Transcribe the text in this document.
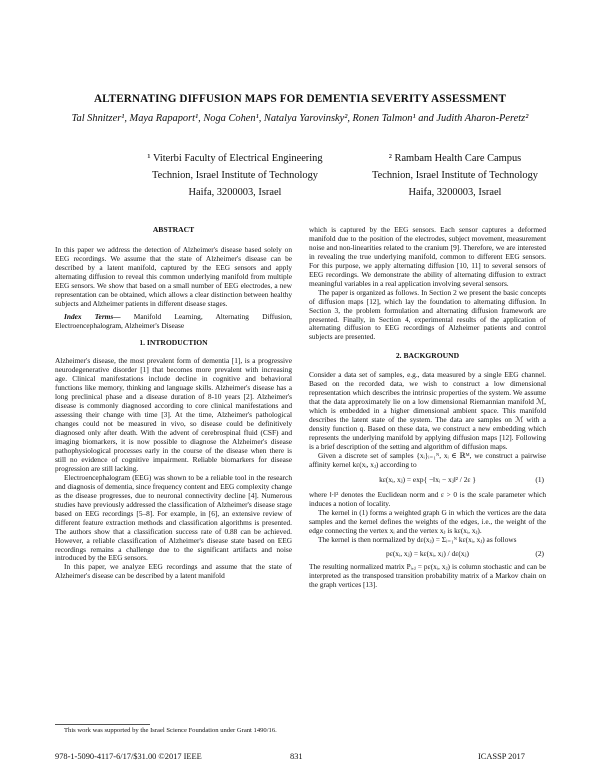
ALTERNATING DIFFUSION MAPS FOR DEMENTIA SEVERITY ASSESSMENT
Tal Shnitzer¹, Maya Rapaport¹, Noga Cohen¹, Natalya Yarovinsky², Ronen Talmon¹ and Judith Aharon-Peretz²
¹ Viterbi Faculty of Electrical Engineering
Technion, Israel Institute of Technology
Haifa, 3200003, Israel
² Rambam Health Care Campus
Technion, Israel Institute of Technology
Haifa, 3200003, Israel

ABSTRACT

In this paper we address the detection of Alzheimer's disease based solely on EEG recordings. We assume that the state of Alzheimer's disease can be described by a latent manifold, captured by the EEG sensors and apply alternating diffusion to reveal this common underlying manifold from multiple EEG sensors. We show that based on a small number of EEG electrodes, a new representation can be obtained, which allows a clear distinction between healthy subjects and Alzheimer patients in different disease stages.

Index Terms— Manifold Learning, Alternating Diffusion, Electroencephalogram, Alzheimer's Disease

1. INTRODUCTION

Alzheimer's disease, the most prevalent form of dementia [1], is a progressive neurodegenerative disorder [1] that becomes more prevalent with increasing age. Clinical manifestations include decline in cognitive and behavioral functions like memory, thinking and language skills. Alzheimer's disease has a long preclinical phase and a disease duration of 8-10 years [2]. Alzheimer's disease is commonly diagnosed according to core clinical manifestations and assessing their change with time [3]. At the time, Alzheimer's pathological changes could not be measured in vivo, so disease could be definitively diagnosed only after death. With the advent of cerebrospinal fluid (CSF) and imaging biomarkers, it is now possible to diagnose the Alzheimer's disease pathophysiological processes early in the course of the disease when there is still no evidence of cognitive impairment. Reliable biomarkers for disease progression are still lacking.

Electroencephalogram (EEG) was shown to be a reliable tool in the research and diagnosis of dementia, since frequency content and EEG complexity change as the disease progresses, due to neuronal connectivity decline [4]. Numerous studies have previously addressed the classification of Alzheimer's disease stage based on EEG recordings [5–8]. For example, in [6], an extensive review of different feature extraction methods and classification algorithms is presented. The authors show that a classification success rate of 0.88 can be achieved. However, a reliable classification of Alzheimer's disease state based on EEG recordings remains a challenge due to the significant artifacts and noise introduced by the EEG sensors.

In this paper, we analyze EEG recordings and assume that the state of Alzheimer's disease can be described by a latent manifold

This work was supported by the Israel Science Foundation under Grant 1490/16.

which is captured by the EEG sensors. Each sensor captures a deformed manifold due to the position of the electrodes, subject movement, measurement noise and non-linearities related to the cranium [9]. Therefore, we are interested in revealing the true underlying manifold, common to different EEG sensors. For this purpose, we apply alternating diffusion [10, 11] to several sensors of EEG recordings. We demonstrate the ability of alternating diffusion to extract meaningful variables in a real application involving several sensors.

The paper is organized as follows. In Section 2 we present the basic concepts of diffusion maps [12], which lay the foundation to alternating diffusion. In Section 3, the problem formulation and alternating diffusion framework are presented. Finally, in Section 4, experimental results of the application of alternating diffusion to EEG recordings of Alzheimer patients and control subjects are presented.

2. BACKGROUND

Consider a data set of samples, e.g., data measured by a single EEG channel. Based on the recorded data, we wish to construct a low dimensional representation which describes the intrinsic properties of the system. We assume that the data approximately lie on a low dimensional Riemannian manifold ℳ, which is embedded in a higher dimensional ambient space. This manifold describes the latent state of the system. The data are samples on ℳ with a density function q. Based on these data, we construct a new embedding which represents the underlying manifold by applying diffusion maps [12]. Following is a brief description of the setting and algorithm of diffusion maps.

Given a discrete set of samples {xᵢ}ᵢ₌₁ᴺ, xᵢ ∈ ℝᴹ, we construct a pairwise affinity kernel kε(xᵢ, xⱼ) according to

kε(xᵢ, xⱼ) = exp{ −‖xᵢ − xⱼ‖² / 2ε }	(1)

where ‖·‖² denotes the Euclidean norm and ε > 0 is the scale parameter which induces a notion of locality.

The kernel in (1) forms a weighted graph G in which the vertices are the data samples and the kernel defines the weights of the edges, i.e., the weight of the edge connecting the vertex xᵢ and the vertex xⱼ is kε(xᵢ, xⱼ).

The kernel is then normalized by dε(xⱼ) = Σᵢ₌₁ᴺ kε(xᵢ, xⱼ) as follows

pε(xᵢ, xⱼ) = kε(xᵢ, xⱼ) / dε(xⱼ)	(2)

The resulting normalized matrix Pᵢ,ⱼ = pε(xᵢ, xⱼ) is column stochastic and can be interpreted as the transposed transition probability matrix of a Markov chain on the graph vertices [13].

978-1-5090-4117-6/17/$31.00 ©2017 IEEE	831	ICASSP 2017
